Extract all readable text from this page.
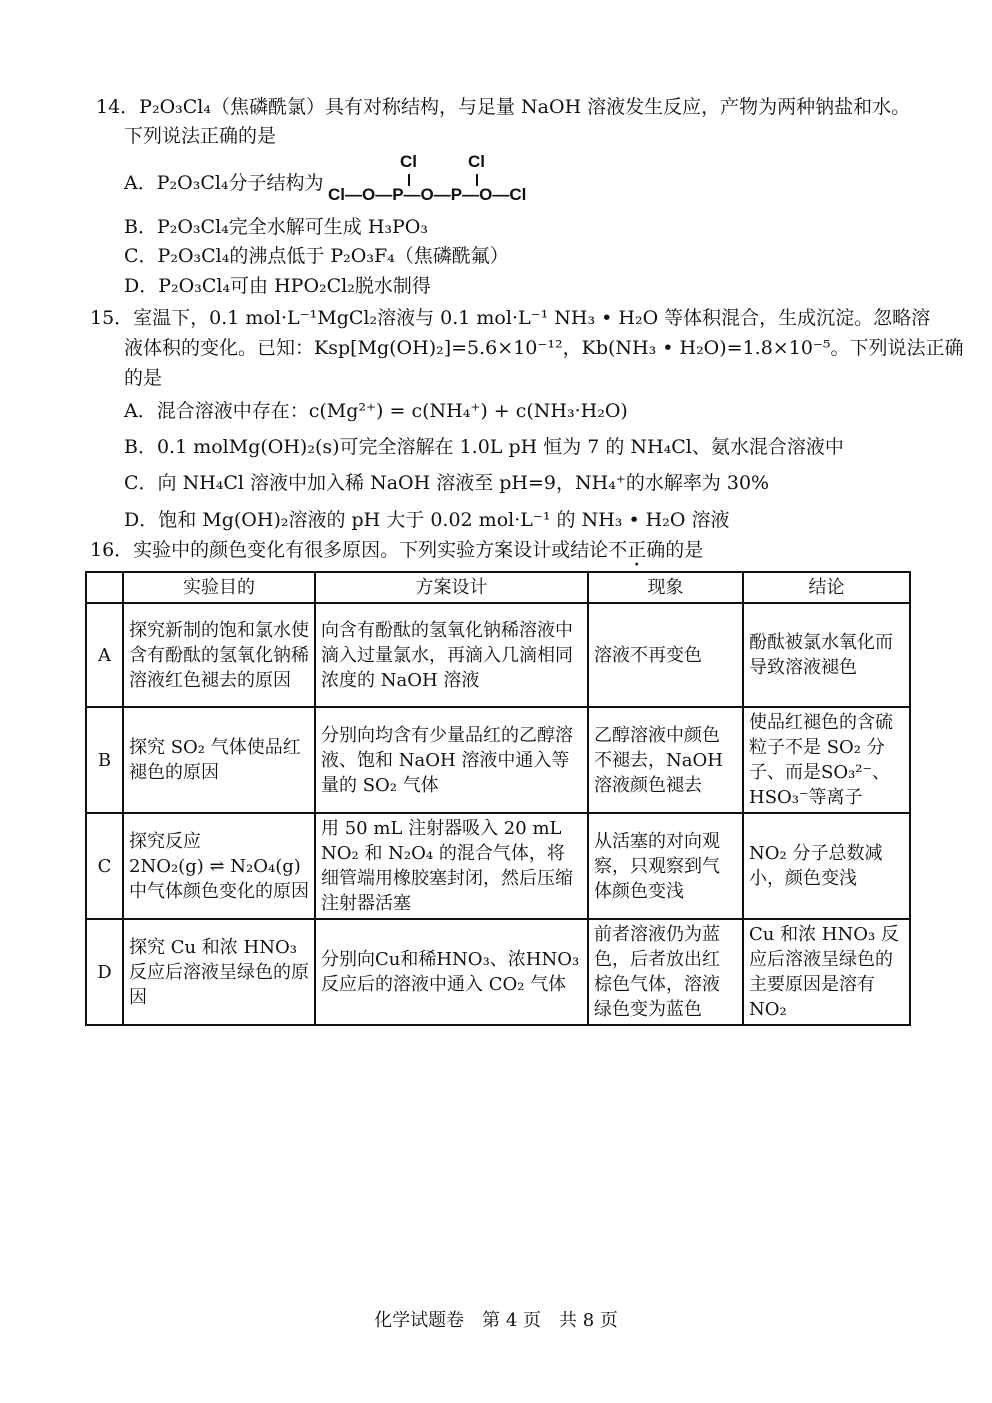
14．P₂O₃Cl₄（焦磷酰氯）具有对称结构，与足量 NaOH 溶液发生反应，产物为两种钠盐和水。
下列说法正确的是
A．P₂O₃Cl₄分子结构为
Cl	Cl
Cl—O—P—O—P—O—Cl
B．P₂O₃Cl₄完全水解可生成 H₃PO₃
C．P₂O₃Cl₄的沸点低于 P₂O₃F₄（焦磷酰氟）
D．P₂O₃Cl₄可由 HPO₂Cl₂脱水制得
15．室温下，0.1 mol·L⁻¹MgCl₂溶液与 0.1 mol·L⁻¹ NH₃ • H₂O 等体积混合，生成沉淀。忽略溶
液体积的变化。已知：Ksp[Mg(OH)₂]=5.6×10⁻¹²，Kb(NH₃ • H₂O)=1.8×10⁻⁵。下列说法正确
的是
A．混合溶液中存在：c(Mg²⁺) = c(NH₄⁺) + c(NH₃·H₂O)
B．0.1 molMg(OH)₂(s)可完全溶解在 1.0L pH 恒为 7 的 NH₄Cl、氨水混合溶液中
C．向 NH₄Cl 溶液中加入稀 NaOH 溶液至 pH=9，NH₄⁺的水解率为 30%
D．饱和 Mg(OH)₂溶液的 pH 大于 0.02 mol·L⁻¹ 的 NH₃ • H₂O 溶液
16．实验中的颜色变化有很多原因。下列实验方案设计或结论不正确的是
	实验目的	方案设计	现象	结论
A	探究新制的饱和氯水使含有酚酞的氢氧化钠稀溶液红色褪去的原因	向含有酚酞的氢氧化钠稀溶液中滴入过量氯水，再滴入几滴相同浓度的 NaOH 溶液	溶液不再变色	酚酞被氯水氧化而导致溶液褪色
B	探究 SO₂ 气体使品红褪色的原因	分别向均含有少量品红的乙醇溶液、饱和 NaOH 溶液中通入等量的 SO₂ 气体	乙醇溶液中颜色不褪去，NaOH 溶液颜色褪去	使品红褪色的含硫粒子不是 SO₂ 分子、而是SO₃²⁻、HSO₃⁻等离子
C	探究反应
2NO₂(g) ⇌ N₂O₄(g)
中气体颜色变化的原因	用 50 mL 注射器吸入 20 mL NO₂ 和 N₂O₄ 的混合气体，将细管端用橡胶塞封闭，然后压缩注射器活塞	从活塞的对向观察，只观察到气体颜色变浅	NO₂ 分子总数减小，颜色变浅
D	探究 Cu 和浓 HNO₃ 反应后溶液呈绿色的原因	分别向Cu和稀HNO₃、浓HNO₃反应后的溶液中通入 CO₂ 气体	前者溶液仍为蓝色，后者放出红棕色气体，溶液绿色变为蓝色	Cu 和浓 HNO₃ 反应后溶液呈绿色的主要原因是溶有 NO₂
化学试题卷　第 4 页　共 8 页
